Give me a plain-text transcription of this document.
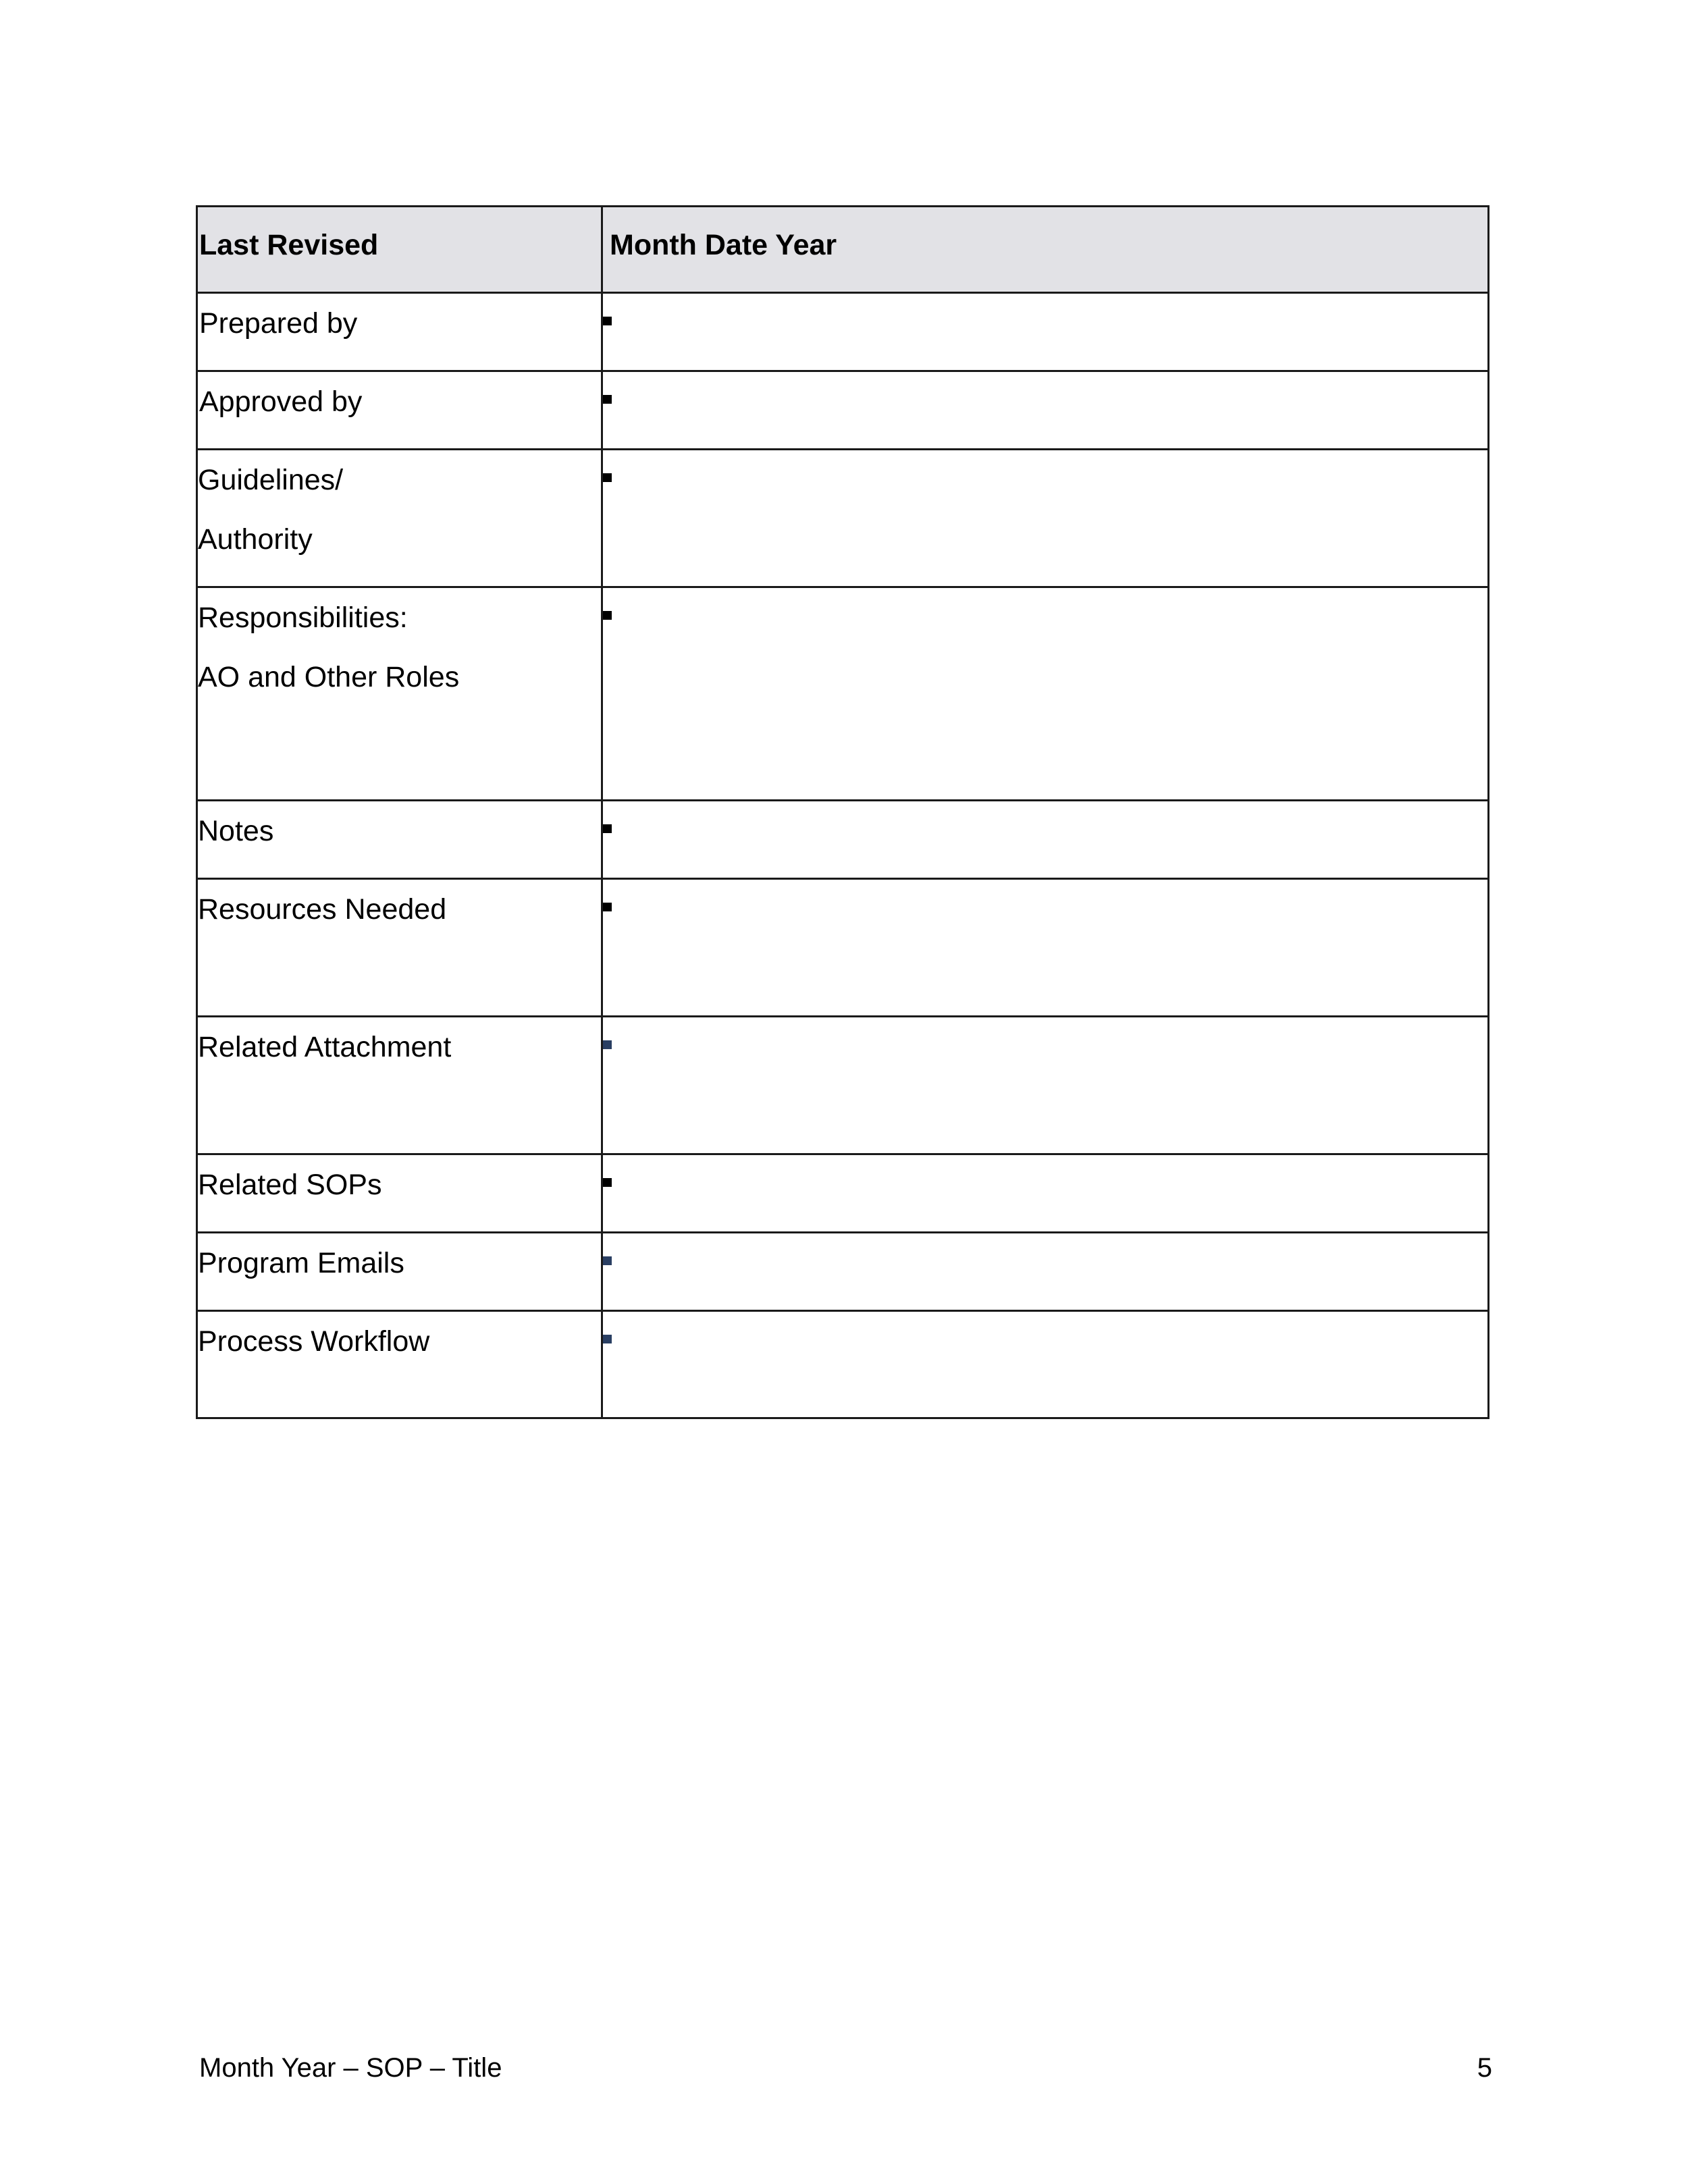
Last Revised	Month Date Year

Prepared by	

Approved by	

Guidelines/
Authority	

Responsibilities:
AO and Other Roles	

Notes	

Resources Needed	

Related Attachment	

Related SOPs	

Program Emails	

Process Workflow	

Month Year – SOP – Title	5
